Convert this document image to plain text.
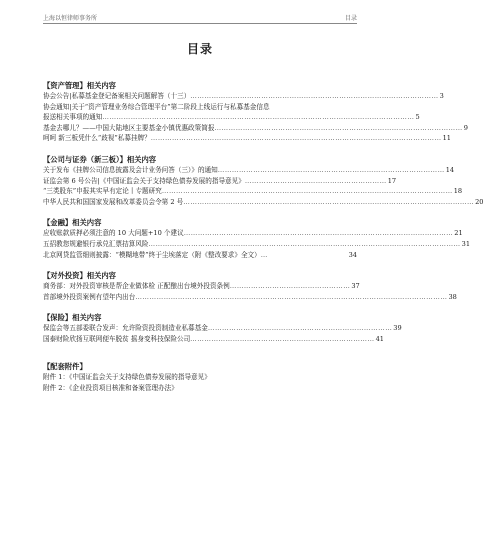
上海以恒律师事务所	目录
目录
【资产管理】相关内容
协会公告|私募基金登记备案相关问题解答（十三） …………………………………………………………………………………………… 3
协会通知|关于“资产管理业务综合管理平台”第二阶段上线运行与私募基金信息
报送相关事项的通知 …………………………………………………………………………………………………………………… 5
基金去哪儿？——中国大陆地区主要基金小镇优惠政策简报 …………………………………………………………………………………………… 9
呵呵 新三板凭什么“歧视”私募挂牌？ …………………………………………………………………………………………………………… 11
【公司与证券（新三板）】相关内容
关于发布《挂牌公司信息披露及会计业务问答（三）》的通知 …………………………………………………………………………………… 14
证监会第 6 号公告|《中国证监会关于支持绿色债券发展的指导意见》 …………………………………………………… 17
“三类股东”申报其实早有定论丨专题研究 …………………………………………………………………………………………………………… 18
中华人民共和国国家发展和改革委员会令第 2 号 …………………………………………………………………………………………………………… 20
【金融】相关内容
应收账款质押必须注意的 10 大问题+10 个建议 …………………………………………………………………………………………………… 21
五招教您规避银行承兑汇票拮算风险 …………………………………………………………………………………………………………………… 31
北京网贷监管细则披露：“模糊地带”终于尘埃落定（附《整改要求》全文） …	34
【对外投资】相关内容
商务部：对外投资审核是帮企业做体检 正配酿出台境外投资条例 …………………………………………… 37
首部境外投资案例有望年内出台 …………………………………………………………………………………………………………………… 38
【保险】相关内容
保监会等五部委联合发声：允许险资投资制造业私募基金 …………………………………………………………………… 39
国泰财险欣扬互联网便车脱贫 摇身变科技保险公司 …………………………………………………………………… 41
【配套附件】
附件 1：《中国证监会关于支持绿色债券发展的指导意见》
附件 2：《企业投资项目核准和备案管理办法》
